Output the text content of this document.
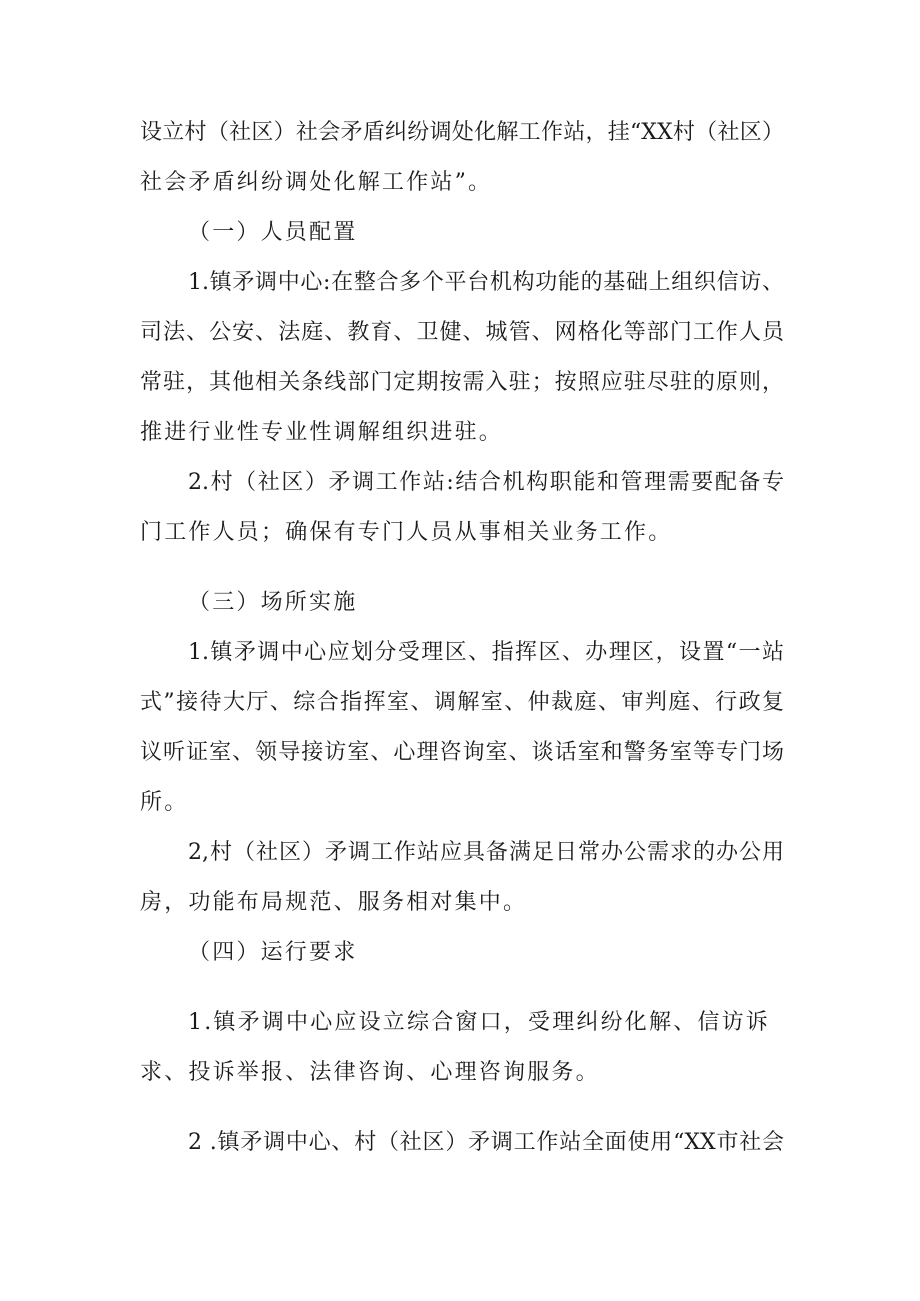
设立村（社区）社会矛盾纠纷调处化解工作站，挂“XX村（社区）
社会矛盾纠纷调处化解工作站”。
（一）人员配置
1.镇矛调中心:在整合多个平台机构功能的基础上组织信访、
司法、公安、法庭、教育、卫健、城管、网格化等部门工作人员
常驻，其他相关条线部门定期按需入驻；按照应驻尽驻的原则，
推进行业性专业性调解组织进驻。
2.村（社区）矛调工作站:结合机构职能和管理需要配备专
门工作人员；确保有专门人员从事相关业务工作。
（三）场所实施
1.镇矛调中心应划分受理区、指挥区、办理区，设置“一站
式”接待大厅、综合指挥室、调解室、仲裁庭、审判庭、行政复
议听证室、领导接访室、心理咨询室、谈话室和警务室等专门场
所。
2,村（社区）矛调工作站应具备满足日常办公需求的办公用
房，功能布局规范、服务相对集中。
（四）运行要求
1.镇矛调中心应设立综合窗口，受理纠纷化解、信访诉
求、投诉举报、法律咨询、心理咨询服务。
2 .镇矛调中心、村（社区）矛调工作站全面使用“XX市社会
